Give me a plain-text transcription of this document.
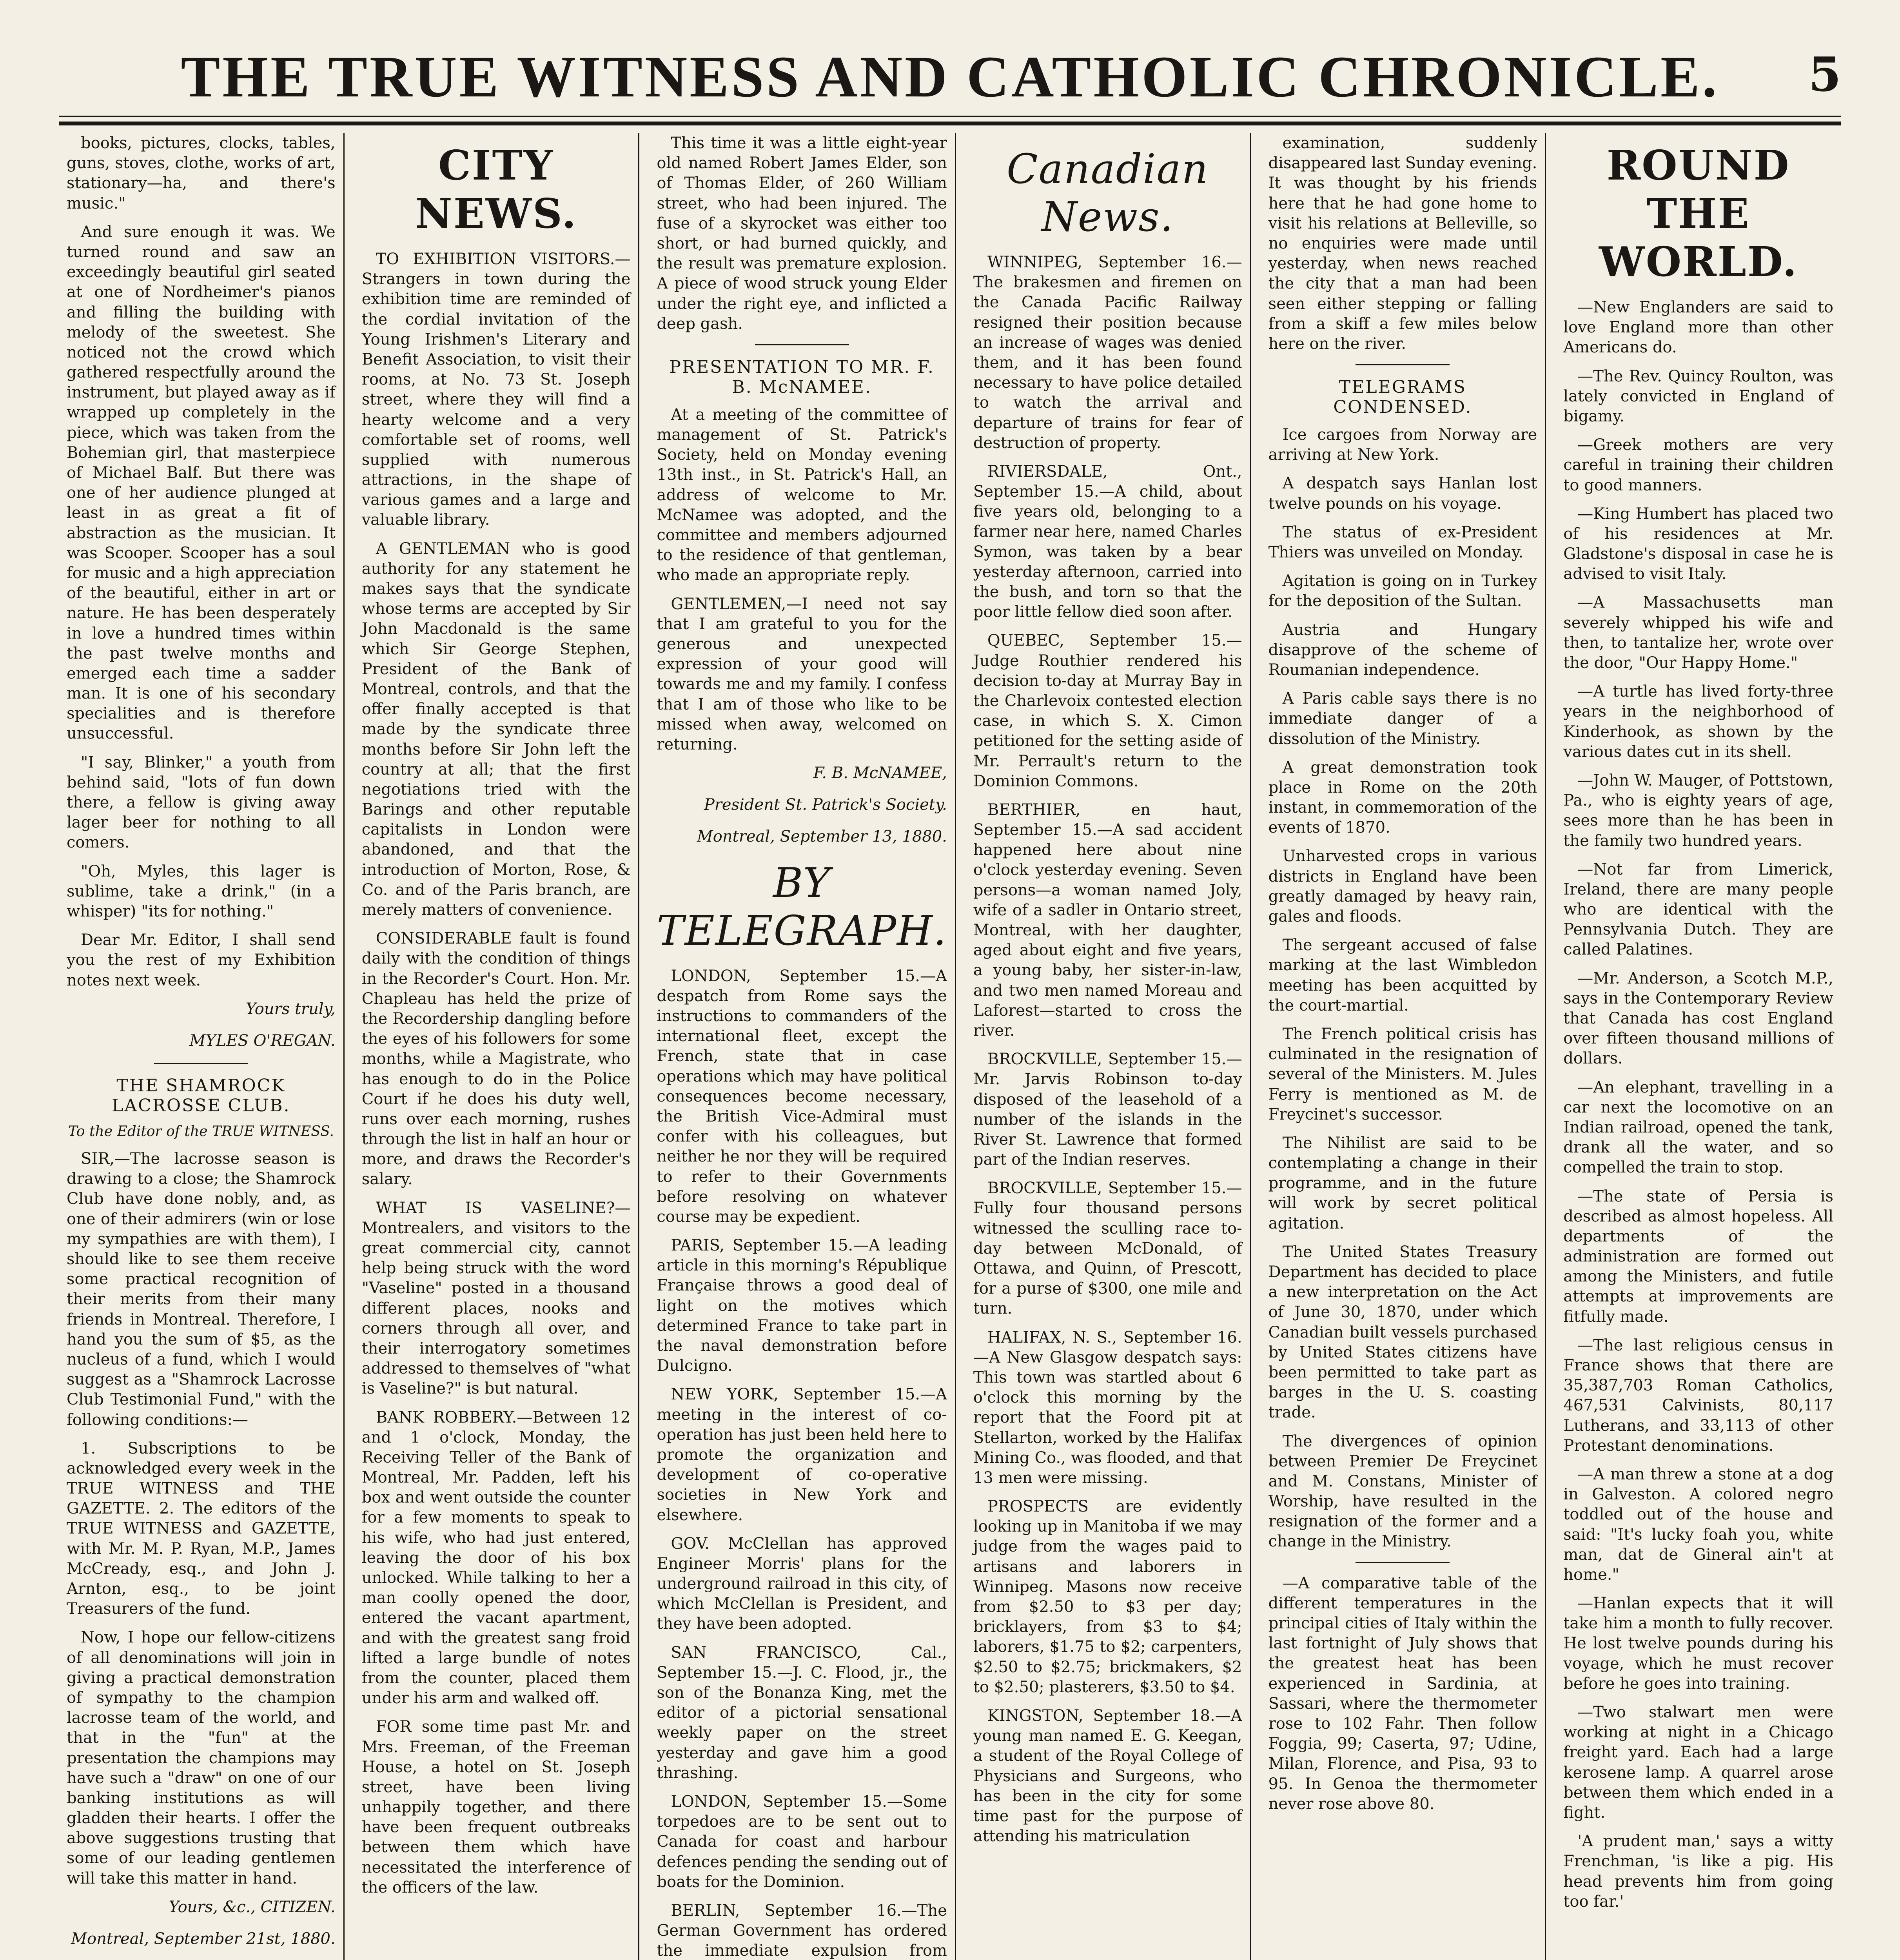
THE TRUE WITNESS AND CATHOLIC CHRONICLE.	5

books, pictures, clocks, tables, guns, stoves, clothe, works of art, stationary—ha, and there's music."

And sure enough it was. We turned round and saw an exceedingly beautiful girl seated at one of Nordheimer's pianos and filling the building with melody of the sweetest. She noticed not the crowd which gathered respectfully around the instrument, but played away as if wrapped up completely in the piece, which was taken from the Bohemian girl, that masterpiece of Michael Balf. But there was one of her audience plunged at least in as great a fit of abstraction as the musician. It was Scooper. Scooper has a soul for music and a high appreciation of the beautiful, either in art or nature. He has been desperately in love a hundred times within the past twelve months and emerged each time a sadder man. It is one of his secondary specialities and is therefore unsuccessful.

"I say, Blinker," a youth from behind said, "lots of fun down there, a fellow is giving away lager beer for nothing to all comers.

"Oh, Myles, this lager is sublime, take a drink," (in a whisper) "its for nothing."

Dear Mr. Editor, I shall send you the rest of my Exhibition notes next week.

Yours truly,

MYLES O'REGAN.

THE SHAMROCK LACROSSE CLUB.
To the Editor of the TRUE WITNESS.

SIR,—The lacrosse season is drawing to a close; the Shamrock Club have done nobly, and, as one of their admirers (win or lose my sympathies are with them), I should like to see them receive some practical recognition of their merits from their many friends in Montreal. Therefore, I hand you the sum of $5, as the nucleus of a fund, which I would suggest as a "Shamrock Lacrosse Club Testimonial Fund," with the following conditions:—

1. Subscriptions to be acknowledged every week in the TRUE WITNESS and THE GAZETTE. 2. The editors of the TRUE WITNESS and GAZETTE, with Mr. M. P. Ryan, M.P., James McCready, esq., and John J. Arnton, esq., to be joint Treasurers of the fund.

Now, I hope our fellow-citizens of all denominations will join in giving a practical demonstration of sympathy to the champion lacrosse team of the world, and that in the "fun" at the presentation the champions may have such a "draw" on one of our banking institutions as will gladden their hearts. I offer the above suggestions trusting that some of our leading gentlemen will take this matter in hand.

Yours, &c., CITIZEN.

Montreal, September 21st, 1880.

CITY NEWS.

TO EXHIBITION VISITORS.—Strangers in town during the exhibition time are reminded of the cordial invitation of the Young Irishmen's Literary and Benefit Association, to visit their rooms, at No. 73 St. Joseph street, where they will find a hearty welcome and a very comfortable set of rooms, well supplied with numerous attractions, in the shape of various games and a large and valuable library.

A GENTLEMAN who is good authority for any statement he makes says that the syndicate whose terms are accepted by Sir John Macdonald is the same which Sir George Stephen, President of the Bank of Montreal, controls, and that the offer finally accepted is that made by the syndicate three months before Sir John left the country at all; that the first negotiations tried with the Barings and other reputable capitalists in London were abandoned, and that the introduction of Morton, Rose, & Co. and of the Paris branch, are merely matters of convenience.

CONSIDERABLE fault is found daily with the condition of things in the Recorder's Court. Hon. Mr. Chapleau has held the prize of the Recordership dangling before the eyes of his followers for some months, while a Magistrate, who has enough to do in the Police Court if he does his duty well, runs over each morning, rushes through the list in half an hour or more, and draws the Recorder's salary.

WHAT IS VASELINE?—Montrealers, and visitors to the great commercial city, cannot help being struck with the word "Vaseline" posted in a thousand different places, nooks and corners through all over, and their interrogatory sometimes addressed to themselves of "what is Vaseline?" is but natural.

BANK ROBBERY.—Between 12 and 1 o'clock, Monday, the Receiving Teller of the Bank of Montreal, Mr. Padden, left his box and went outside the counter for a few moments to speak to his wife, who had just entered, leaving the door of his box unlocked. While talking to her a man coolly opened the door, entered the vacant apartment, and with the greatest sang froid lifted a large bundle of notes from the counter, placed them under his arm and walked off.

FOR some time past Mr. and Mrs. Freeman, of the Freeman House, a hotel on St. Joseph street, have been living unhappily together, and there have been frequent outbreaks between them which have necessitated the interference of the officers of the law.

This time it was a little eight-year old named Robert James Elder, son of Thomas Elder, of 260 William street, who had been injured. The fuse of a skyrocket was either too short, or had burned quickly, and the result was premature explosion. A piece of wood struck young Elder under the right eye, and inflicted a deep gash.

PRESENTATION TO MR. F. B. McNAMEE.

At a meeting of the committee of management of St. Patrick's Society, held on Monday evening 13th inst., in St. Patrick's Hall, an address of welcome to Mr. McNamee was adopted, and the committee and members adjourned to the residence of that gentleman, who made an appropriate reply.

GENTLEMEN,—I need not say that I am grateful to you for the generous and unexpected expression of your good will towards me and my family. I confess that I am of those who like to be missed when away, welcomed on returning.

F. B. McNAMEE,

President St. Patrick's Society.

Montreal, September 13, 1880.

BY TELEGRAPH.

LONDON, September 15.—A despatch from Rome says the instructions to commanders of the international fleet, except the French, state that in case operations which may have political consequences become necessary, the British Vice-Admiral must confer with his colleagues, but neither he nor they will be required to refer to their Governments before resolving on whatever course may be expedient.

PARIS, September 15.—A leading article in this morning's République Française throws a good deal of light on the motives which determined France to take part in the naval demonstration before Dulcigno.

NEW YORK, September 15.—A meeting in the interest of co-operation has just been held here to promote the organization and development of co-operative societies in New York and elsewhere.

GOV. McClellan has approved Engineer Morris' plans for the underground railroad in this city, of which McClellan is President, and they have been adopted.

SAN FRANCISCO, Cal., September 15.—J. C. Flood, jr., the son of the Bonanza King, met the editor of a pictorial sensational weekly paper on the street yesterday and gave him a good thrashing.

LONDON, September 15.—Some torpedoes are to be sent out to Canada for coast and harbour defences pending the sending out of boats for the Dominion.

BERLIN, September 16.—The German Government has ordered the immediate expulsion from

Canadian News.

WINNIPEG, September 16.—The brakesmen and firemen on the Canada Pacific Railway resigned their position because an increase of wages was denied them, and it has been found necessary to have police detailed to watch the arrival and departure of trains for fear of destruction of property.

RIVIERSDALE, Ont., September 15.—A child, about five years old, belonging to a farmer near here, named Charles Symon, was taken by a bear yesterday afternoon, carried into the bush, and torn so that the poor little fellow died soon after.

QUEBEC, September 15.—Judge Routhier rendered his decision to-day at Murray Bay in the Charlevoix contested election case, in which S. X. Cimon petitioned for the setting aside of Mr. Perrault's return to the Dominion Commons.

BERTHIER, en haut, September 15.—A sad accident happened here about nine o'clock yesterday evening. Seven persons—a woman named Joly, wife of a sadler in Ontario street, Montreal, with her daughter, aged about eight and five years, a young baby, her sister-in-law, and two men named Moreau and Laforest—started to cross the river.

BROCKVILLE, September 15.—Mr. Jarvis Robinson to-day disposed of the leasehold of a number of the islands in the River St. Lawrence that formed part of the Indian reserves.

BROCKVILLE, September 15.—Fully four thousand persons witnessed the sculling race to-day between McDonald, of Ottawa, and Quinn, of Prescott, for a purse of $300, one mile and turn.

HALIFAX, N. S., September 16.—A New Glasgow despatch says: This town was startled about 6 o'clock this morning by the report that the Foord pit at Stellarton, worked by the Halifax Mining Co., was flooded, and that 13 men were missing.

PROSPECTS are evidently looking up in Manitoba if we may judge from the wages paid to artisans and laborers in Winnipeg. Masons now receive from $2.50 to $3 per day; bricklayers, from $3 to $4; laborers, $1.75 to $2; carpenters, $2.50 to $2.75; brickmakers, $2 to $2.50; plasterers, $3.50 to $4.

KINGSTON, September 18.—A young man named E. G. Keegan, a student of the Royal College of Physicians and Surgeons, who has been in the city for some time past for the purpose of attending his matriculation

examination, suddenly disappeared last Sunday evening. It was thought by his friends here that he had gone home to visit his relations at Belleville, so no enquiries were made until yesterday, when news reached the city that a man had been seen either stepping or falling from a skiff a few miles below here on the river.

TELEGRAMS CONDENSED.

Ice cargoes from Norway are arriving at New York.

A despatch says Hanlan lost twelve pounds on his voyage.

The status of ex-President Thiers was unveiled on Monday.

Agitation is going on in Turkey for the deposition of the Sultan.

Austria and Hungary disapprove of the scheme of Roumanian independence.

A Paris cable says there is no immediate danger of a dissolution of the Ministry.

A great demonstration took place in Rome on the 20th instant, in commemoration of the events of 1870.

Unharvested crops in various districts in England have been greatly damaged by heavy rain, gales and floods.

The sergeant accused of false marking at the last Wimbledon meeting has been acquitted by the court-martial.

The French political crisis has culminated in the resignation of several of the Ministers. M. Jules Ferry is mentioned as M. de Freycinet's successor.

The Nihilist are said to be contemplating a change in their programme, and in the future will work by secret political agitation.

The United States Treasury Department has decided to place a new interpretation on the Act of June 30, 1870, under which Canadian built vessels purchased by United States citizens have been permitted to take part as barges in the U. S. coasting trade.

The divergences of opinion between Premier De Freycinet and M. Constans, Minister of Worship, have resulted in the resignation of the former and a change in the Ministry.

—A comparative table of the different temperatures in the principal cities of Italy within the last fortnight of July shows that the greatest heat has been experienced in Sardinia, at Sassari, where the thermometer rose to 102 Fahr. Then follow Foggia, 99; Caserta, 97; Udine, Milan, Florence, and Pisa, 93 to 95. In Genoa the thermometer never rose above 80.

ROUND THE WORLD.

—New Englanders are said to love England more than other Americans do.

—The Rev. Quincy Roulton, was lately convicted in England of bigamy.

—Greek mothers are very careful in training their children to good manners.

—King Humbert has placed two of his residences at Mr. Gladstone's disposal in case he is advised to visit Italy.

—A Massachusetts man severely whipped his wife and then, to tantalize her, wrote over the door, "Our Happy Home."

—A turtle has lived forty-three years in the neighborhood of Kinderhook, as shown by the various dates cut in its shell.

—John W. Mauger, of Pottstown, Pa., who is eighty years of age, sees more than he has been in the family two hundred years.

—Not far from Limerick, Ireland, there are many people who are identical with the Pennsylvania Dutch. They are called Palatines.

—Mr. Anderson, a Scotch M.P., says in the Contemporary Review that Canada has cost England over fifteen thousand millions of dollars.

—An elephant, travelling in a car next the locomotive on an Indian railroad, opened the tank, drank all the water, and so compelled the train to stop.

—The state of Persia is described as almost hopeless. All departments of the administration are formed out among the Ministers, and futile attempts at improvements are fitfully made.

—The last religious census in France shows that there are 35,387,703 Roman Catholics, 467,531 Calvinists, 80,117 Lutherans, and 33,113 of other Protestant denominations.

—A man threw a stone at a dog in Galveston. A colored negro toddled out of the house and said: "It's lucky foah you, white man, dat de Gineral ain't at home."

—Hanlan expects that it will take him a month to fully recover. He lost twelve pounds during his voyage, which he must recover before he goes into training.

—Two stalwart men were working at night in a Chicago freight yard. Each had a large kerosene lamp. A quarrel arose between them which ended in a fight.

'A prudent man,' says a witty Frenchman, 'is like a pig. His head prevents him from going too far.'
